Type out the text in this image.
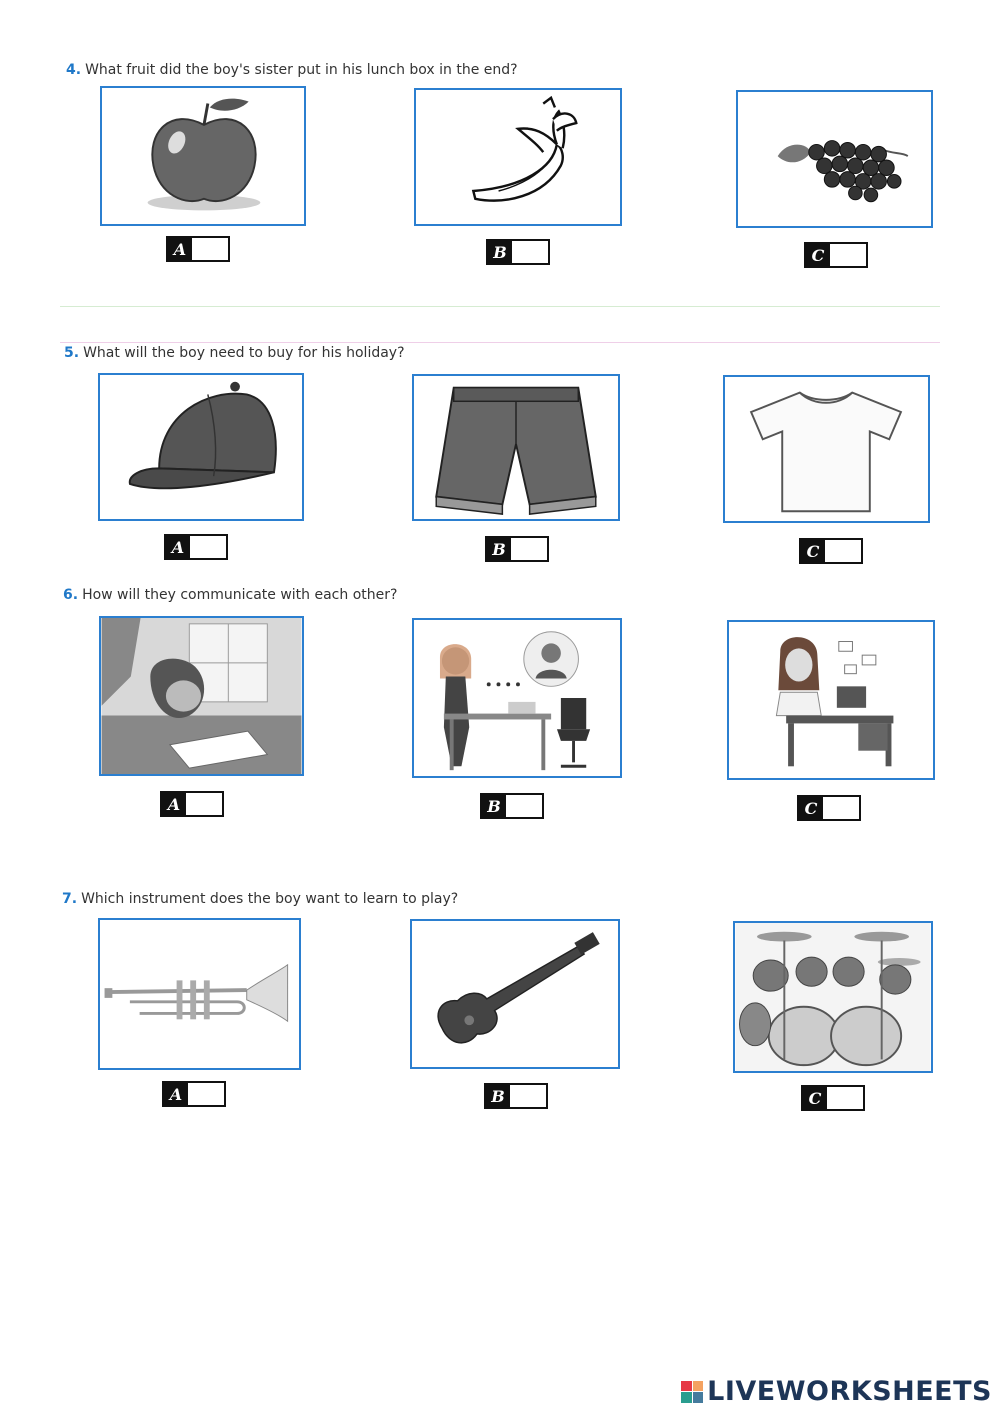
4. What fruit did the boy's sister put in his lunch box in the end?
A	B	C
5. What will the boy need to buy for his holiday?
A	B	C
6. How will they communicate with each other?
A	B	C
7. Which instrument does the boy want to learn to play?
A	B	C
LIVEWORKSHEETS
